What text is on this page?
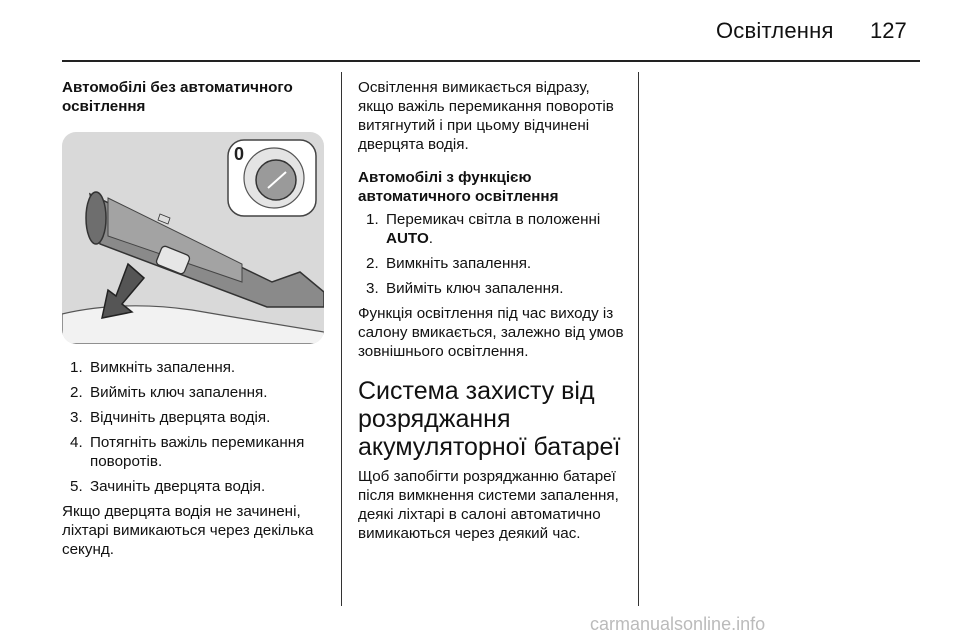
Освітлення 127

Автомобілі без автоматичного освітлення

0
1. Вимкніть запалення.
2. Вийміть ключ запалення.
3. Відчиніть дверцята водія.
4. Потягніть важіль перемикання поворотів.
5. Зачиніть дверцята водія.

Якщо дверцята водія не зачинені, ліхтарі вимикаються через декілька секунд.

Освітлення вимикається відразу, якщо важіль перемикання поворотів витягнутий і при цьому відчинені дверцята водія.

Автомобілі з функцією автоматичного освітлення

1. Перемикач світла в положенні AUTO.
2. Вимкніть запалення.
3. Вийміть ключ запалення.

Функція освітлення під час виходу із салону вмикається, залежно від умов зовнішнього освітлення.

Система захисту від розряджання акумуляторної батареї

Щоб запобігти розряджанню батареї після вимкнення системи запалення, деякі ліхтарі в салоні автоматично вимикаються через деякий час.

carmanualsonline.info
